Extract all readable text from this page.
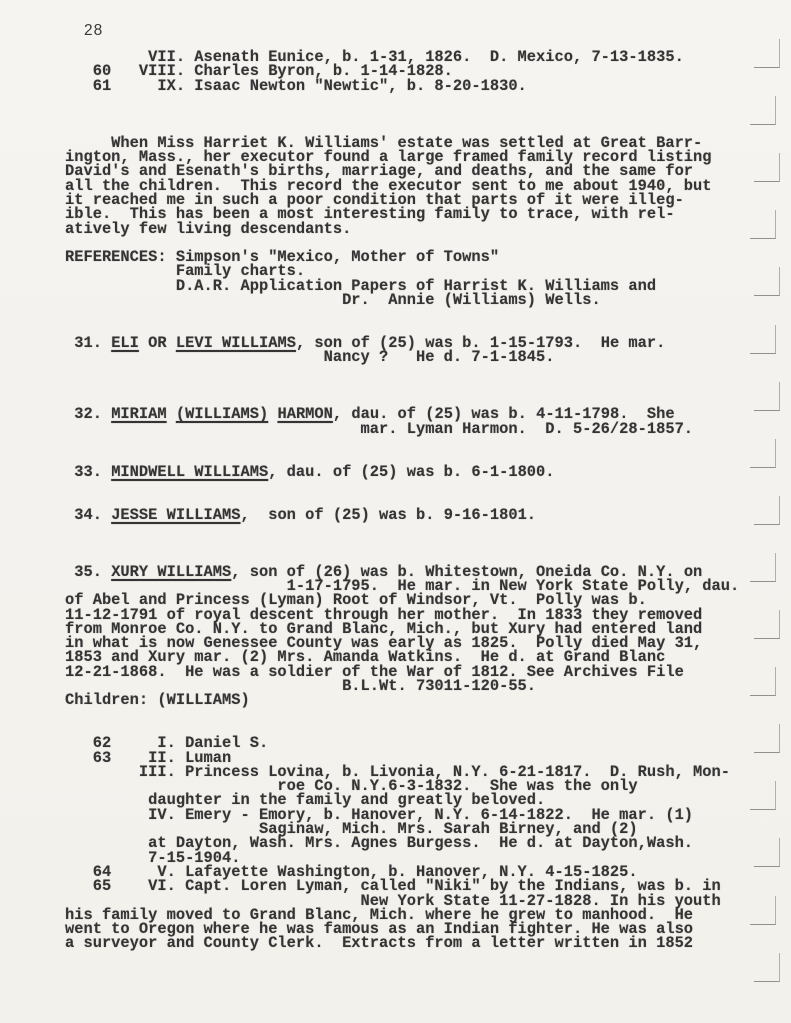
28
VII. Asenath Eunice, b. 1-31, 1826.  D. Mexico, 7-13-1835.
60   VIII. Charles Byron, b. 1-14-1828.
61     IX. Isaac Newton "Newtic", b. 8-20-1830.

When Miss Harriet K. Williams' estate was settled at Great Barr-
ington, Mass., her executor found a large framed family record listing
David's and Esenath's births, marriage, and deaths, and the same for
all the children.  This record the executor sent to me about 1940, but
it reached me in such a poor condition that parts of it were illeg-
ible.  This has been a most interesting family to trace, with rel-
atively few living descendants.

REFERENCES: Simpson's "Mexico, Mother of Towns"
Family charts.
D.A.R. Application Papers of Harrist K. Williams and
Dr.  Annie (Williams) Wells.

31. ELI OR LEVI WILLIAMS, son of (25) was b. 1-15-1793.  He mar.
Nancy ?   He d. 7-1-1845.

32. MIRIAM (WILLIAMS) HARMON, dau. of (25) was b. 4-11-1798.  She
mar. Lyman Harmon.  D. 5-26/28-1857.

33. MINDWELL WILLIAMS, dau. of (25) was b. 6-1-1800.

34. JESSE WILLIAMS,  son of (25) was b. 9-16-1801.

35. XURY WILLIAMS, son of (26) was b. Whitestown, Oneida Co. N.Y. on
1-17-1795.  He mar. in New York State Polly, dau.
of Abel and Princess (Lyman) Root of Windsor, Vt.  Polly was b.
11-12-1791 of royal descent through her mother.  In 1833 they removed
from Monroe Co. N.Y. to Grand Blanc, Mich., but Xury had entered land
in what is now Genessee County was early as 1825.  Polly died May 31,
1853 and Xury mar. (2) Mrs. Amanda Watkins.  He d. at Grand Blanc
12-21-1868.  He was a soldier of the War of 1812. See Archives File
B.L.Wt. 73011-120-55.
Children: (WILLIAMS)

62     I. Daniel S.
63    II. Luman
III. Princess Lovina, b. Livonia, N.Y. 6-21-1817.  D. Rush, Mon-
roe Co. N.Y.6-3-1832.  She was the only
daughter in the family and greatly beloved.
IV. Emery - Emory, b. Hanover, N.Y. 6-14-1822.  He mar. (1)
Saginaw, Mich. Mrs. Sarah Birney, and (2)
at Dayton, Wash. Mrs. Agnes Burgess.  He d. at Dayton,Wash.
7-15-1904.
64     V. Lafayette Washington, b. Hanover, N.Y. 4-15-1825.
65    VI. Capt. Loren Lyman, called "Niki" by the Indians, was b. in
New York State 11-27-1828. In his youth
his family moved to Grand Blanc, Mich. where he grew to manhood.  He
went to Oregon where he was famous as an Indian fighter. He was also
a surveyor and County Clerk.  Extracts from a letter written in 1852
